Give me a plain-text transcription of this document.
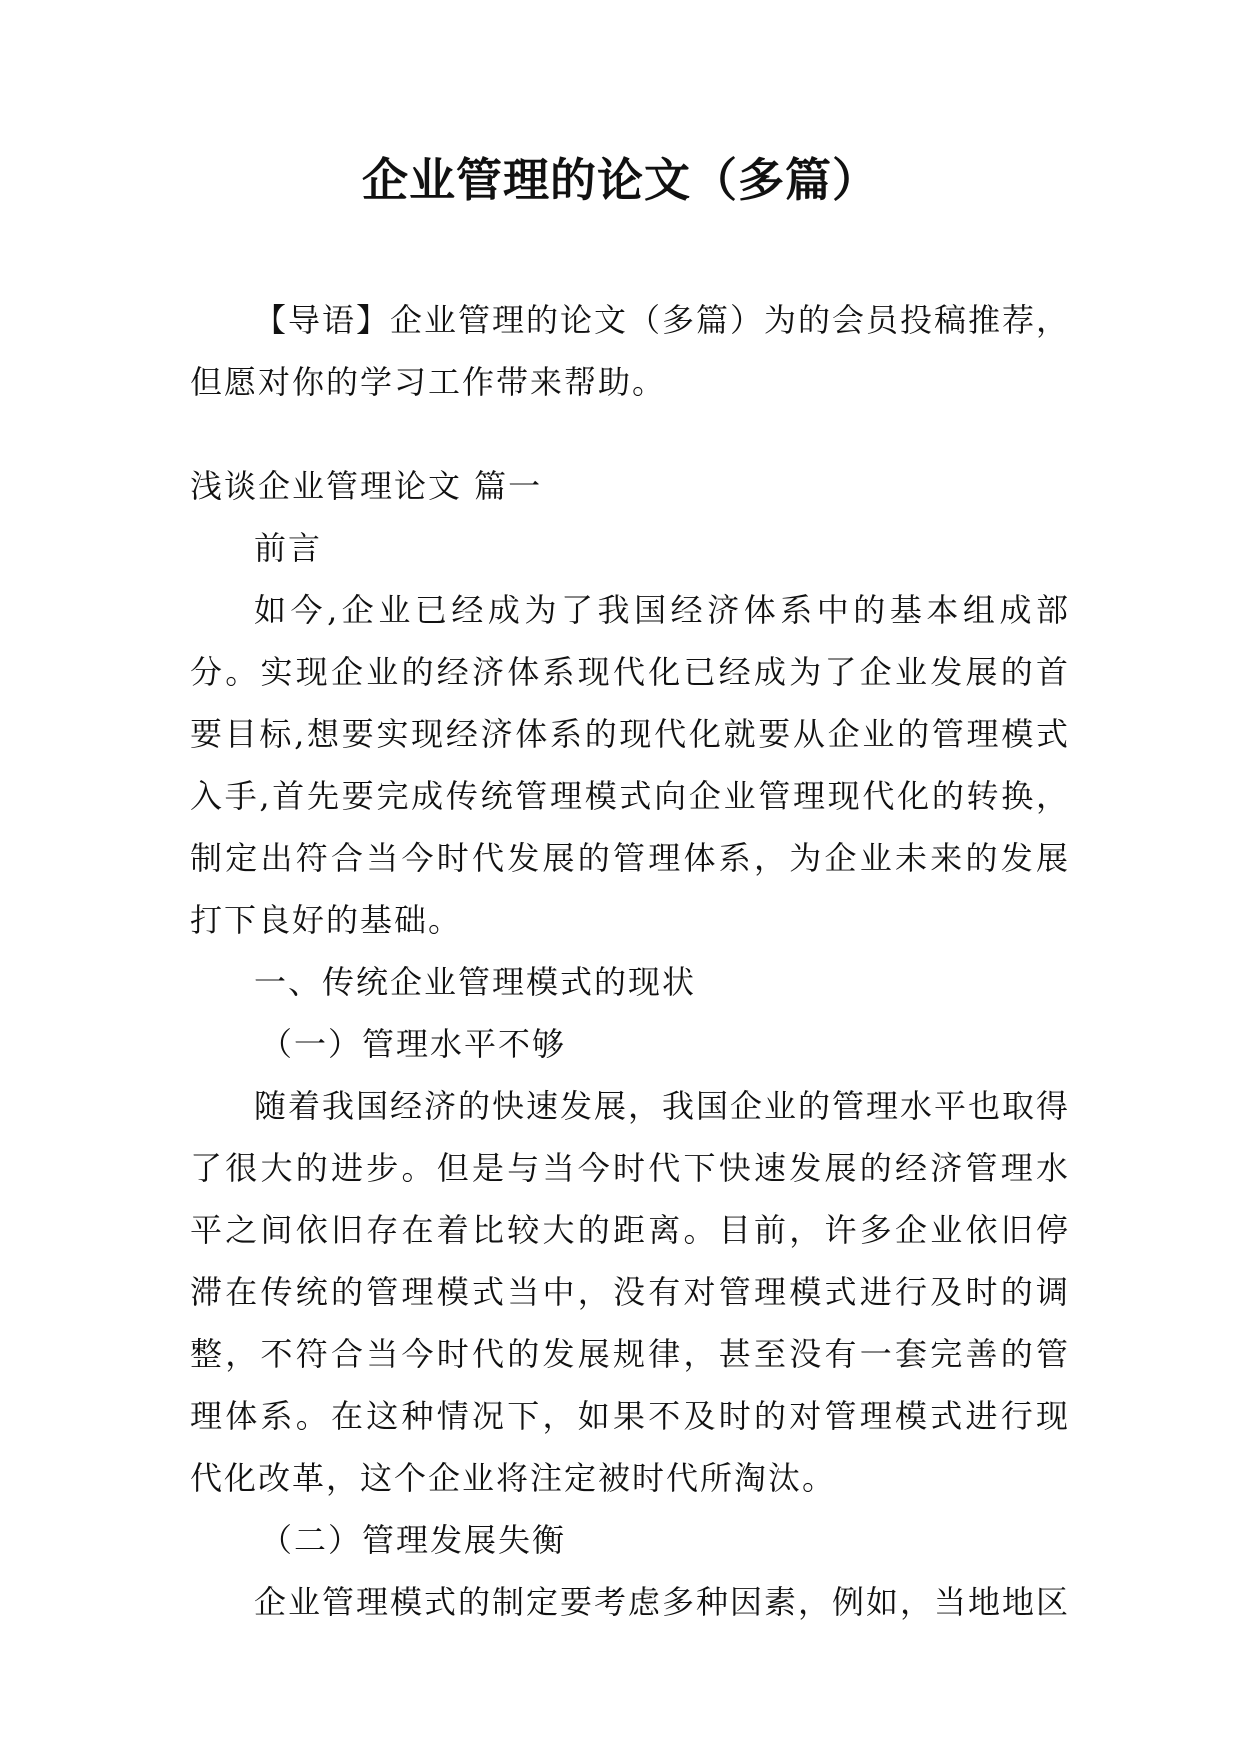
企业管理的论文（多篇）

【导语】企业管理的论文（多篇）为的会员投稿推荐，但愿对你的学习工作带来帮助。

浅谈企业管理论文 篇一

前言

如今,企业已经成为了我国经济体系中的基本组成部分。实现企业的经济体系现代化已经成为了企业发展的首要目标,想要实现经济体系的现代化就要从企业的管理模式入手,首先要完成传统管理模式向企业管理现代化的转换，制定出符合当今时代发展的管理体系，为企业未来的发展打下良好的基础。

一、传统企业管理模式的现状

（一）管理水平不够

随着我国经济的快速发展，我国企业的管理水平也取得了很大的进步。但是与当今时代下快速发展的经济管理水平之间依旧存在着比较大的距离。目前，许多企业依旧停滞在传统的管理模式当中，没有对管理模式进行及时的调整，不符合当今时代的发展规律，甚至没有一套完善的管理体系。在这种情况下，如果不及时的对管理模式进行现代化改革，这个企业将注定被时代所淘汰。

（二）管理发展失衡

企业管理模式的制定要考虑多种因素，例如，当地地区
